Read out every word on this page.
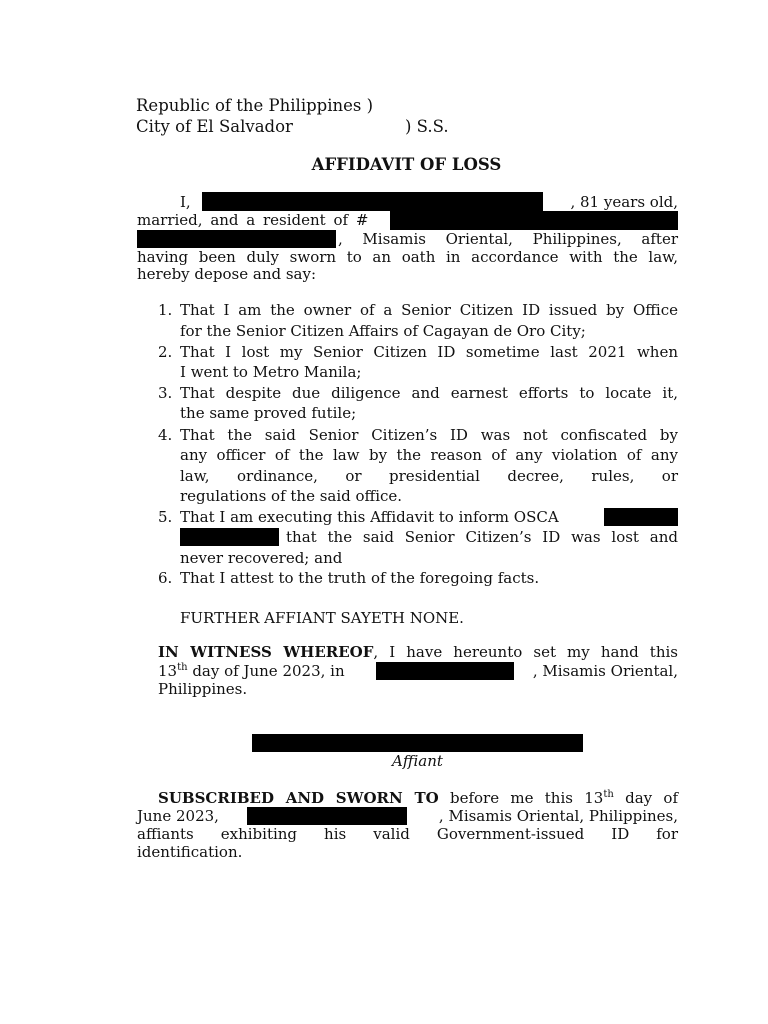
Republic of the Philippines )
City of El Salvador	) S.S.
AFFIDAVIT OF LOSS
I,	, 81 years old,
married, and a resident of #
, Misamis Oriental, Philippines, after
having been duly sworn to an oath in accordance with the law,
hereby depose and say:
1. That I am the owner of a Senior Citizen ID issued by Office
for the Senior Citizen Affairs of Cagayan de Oro City;
2. That I lost my Senior Citizen ID sometime last 2021 when
I went to Metro Manila;
3. That despite due diligence and earnest efforts to locate it,
the same proved futile;
4. That the said Senior Citizen’s ID was not confiscated by
any officer of the law by the reason of any violation of any
law, ordinance, or presidential decree, rules, or
regulations of the said office.
5. That I am executing this Affidavit to inform OSCA
that the said Senior Citizen’s ID was lost and
never recovered; and
6. That I attest to the truth of the foregoing facts.
FURTHER AFFIANT SAYETH NONE.
IN WITNESS WHEREOF, I have hereunto set my hand this
13th day of June 2023, in	, Misamis Oriental,
Philippines.
Affiant
SUBSCRIBED AND SWORN TO before me this 13th day of
June 2023,	, Misamis Oriental, Philippines,
affiants exhibiting his valid Government-issued ID for
identification.
